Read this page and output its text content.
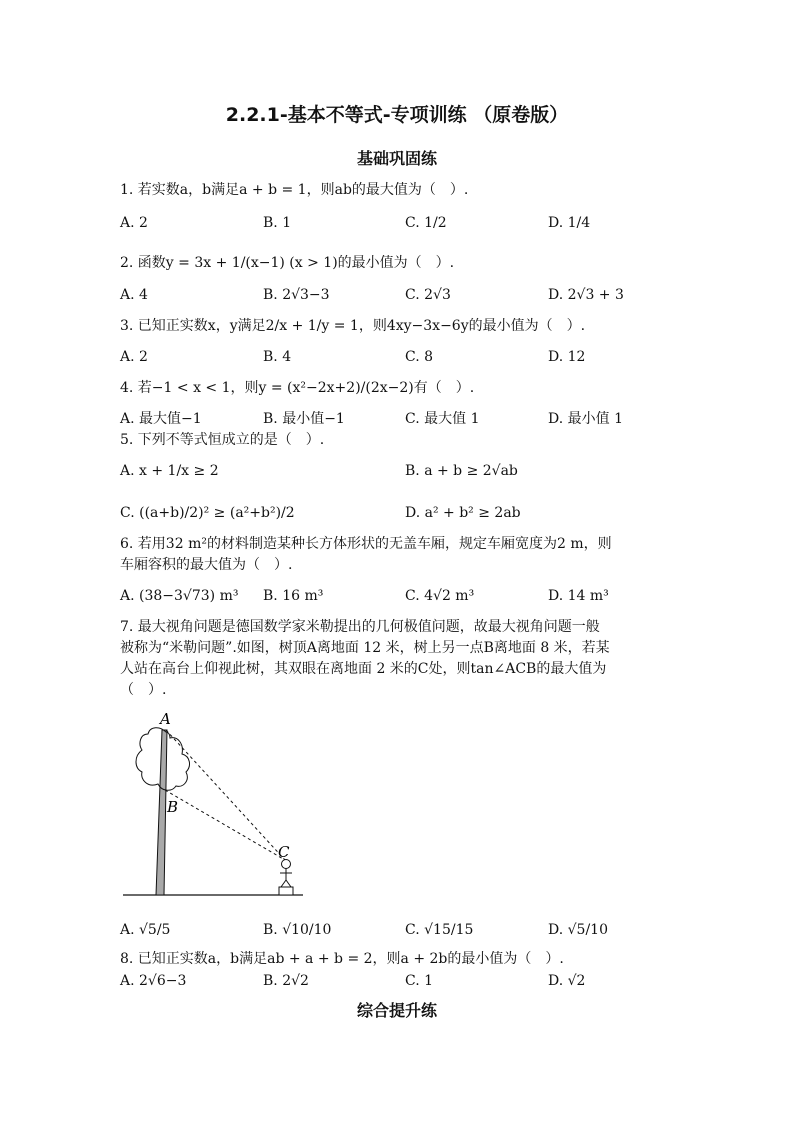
2.2.1-基本不等式-专项训练 （原卷版）
基础巩固练
1. 若实数a，b满足a + b = 1，则ab的最大值为（　）.
A. 2	B. 1	C. 1/2	D. 1/4
2. 函数y = 3x + 1/(x−1) (x > 1)的最小值为（　）.
A. 4	B. 2√3−3	C. 2√3	D. 2√3 + 3
3. 已知正实数x，y满足2/x + 1/y = 1，则4xy−3x−6y的最小值为（　）.
A. 2	B. 4	C. 8	D. 12
4. 若−1 < x < 1，则y = (x²−2x+2)/(2x−2)有（　）.
A. 最大值−1	B. 最小值−1	C. 最大值 1	D. 最小值 1
5. 下列不等式恒成立的是（　）.
A. x + 1/x ≥ 2	B. a + b ≥ 2√ab
C. ((a+b)/2)² ≥ (a²+b²)/2	D. a² + b² ≥ 2ab
6. 若用32 m²的材料制造某种长方体形状的无盖车厢，规定车厢宽度为2 m，则
车厢容积的最大值为（　）.
A. (38−3√73) m³ B. 16 m³	C. 4√2 m³	D. 14 m³
7. 最大视角问题是德国数学家米勒提出的几何极值问题，故最大视角问题一般
被称为“米勒问题”.如图，树顶A离地面 12 米，树上另一点B离地面 8 米，若某
人站在高台上仰视此树，其双眼在离地面 2 米的C处，则tan∠ACB的最大值为
（　）.
A
B
C
A. √5/5	B. √10/10	C. √15/15	D. √5/10
8. 已知正实数a，b满足ab + a + b = 2，则a + 2b的最小值为（　）.
A. 2√6−3	B. 2√2	C. 1	D. √2
综合提升练
